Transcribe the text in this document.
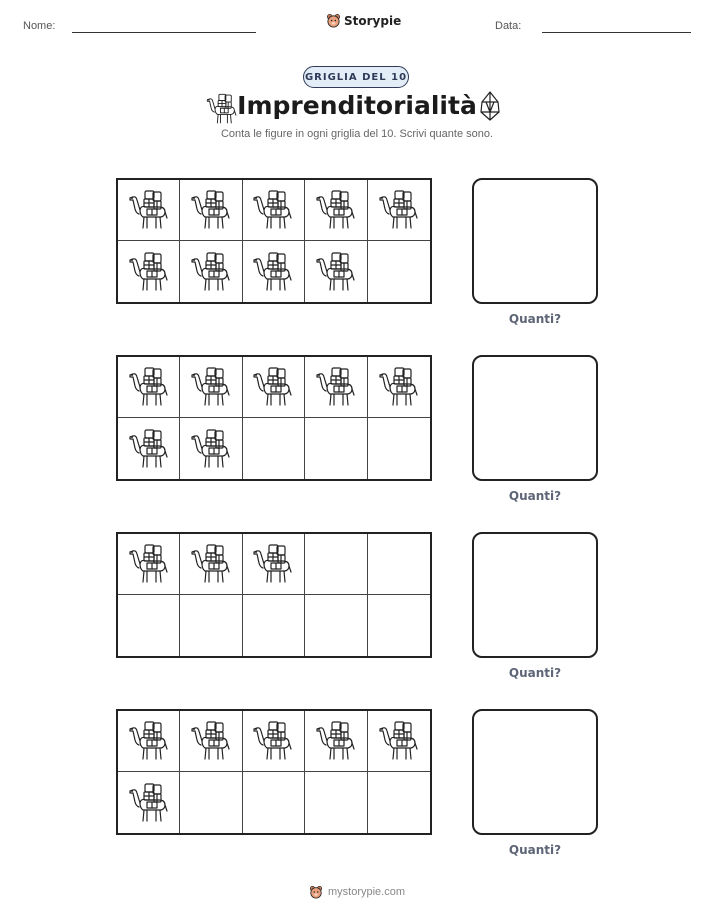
Nome:	Storypie	Data:
GRIGLIA DEL 10
Imprenditorialità
Conta le figure in ogni griglia del 10. Scrivi quante sono.
Quanti?
Quanti?
Quanti?
Quanti?
mystorypie.com
